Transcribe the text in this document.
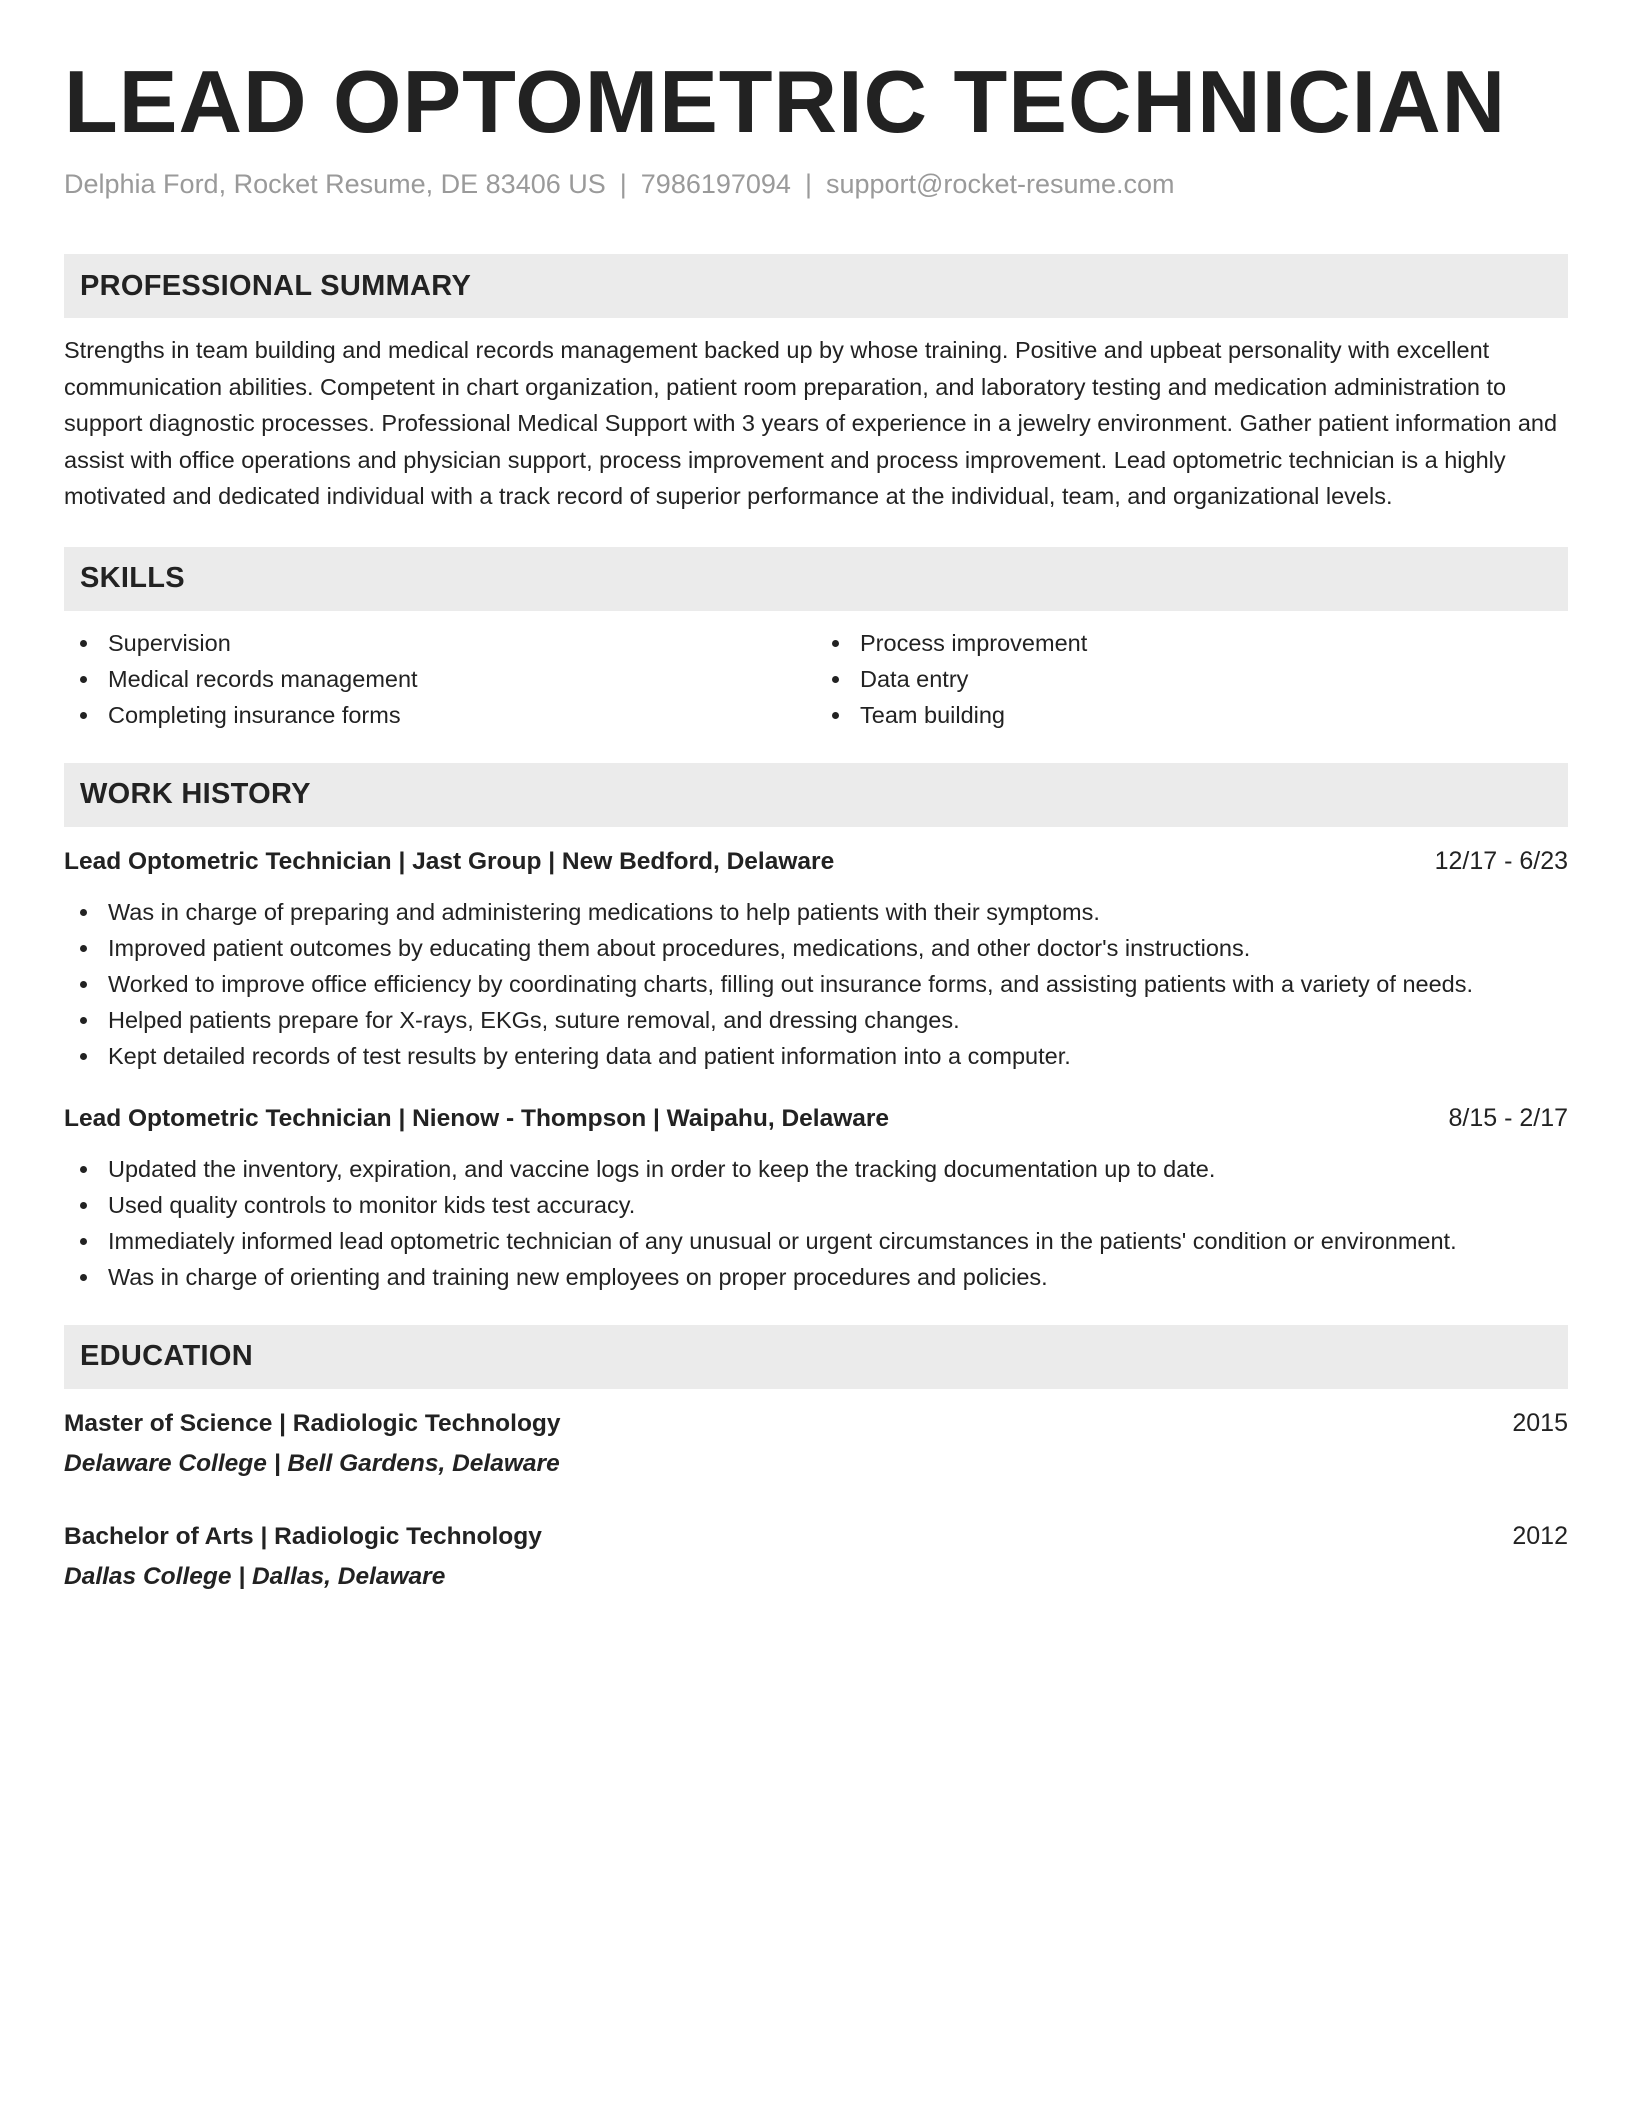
LEAD OPTOMETRIC TECHNICIAN
Delphia Ford, Rocket Resume, DE 83406 US | 7986197094 | support@rocket-resume.com
PROFESSIONAL SUMMARY
Strengths in team building and medical records management backed up by whose training. Positive and upbeat personality with excellent communication abilities. Competent in chart organization, patient room preparation, and laboratory testing and medication administration to support diagnostic processes. Professional Medical Support with 3 years of experience in a jewelry environment. Gather patient information and assist with office operations and physician support, process improvement and process improvement. Lead optometric technician is a highly motivated and dedicated individual with a track record of superior performance at the individual, team, and organizational levels.
SKILLS
Supervision
Medical records management
Completing insurance forms
Process improvement
Data entry
Team building
WORK HISTORY
Lead Optometric Technician | Jast Group | New Bedford, Delaware	12/17 - 6/23
Was in charge of preparing and administering medications to help patients with their symptoms.
Improved patient outcomes by educating them about procedures, medications, and other doctor's instructions.
Worked to improve office efficiency by coordinating charts, filling out insurance forms, and assisting patients with a variety of needs.
Helped patients prepare for X-rays, EKGs, suture removal, and dressing changes.
Kept detailed records of test results by entering data and patient information into a computer.
Lead Optometric Technician | Nienow - Thompson | Waipahu, Delaware	8/15 - 2/17
Updated the inventory, expiration, and vaccine logs in order to keep the tracking documentation up to date.
Used quality controls to monitor kids test accuracy.
Immediately informed lead optometric technician of any unusual or urgent circumstances in the patients' condition or environment.
Was in charge of orienting and training new employees on proper procedures and policies.
EDUCATION
Master of Science | Radiologic Technology	2015
Delaware College | Bell Gardens, Delaware
Bachelor of Arts | Radiologic Technology	2012
Dallas College | Dallas, Delaware
